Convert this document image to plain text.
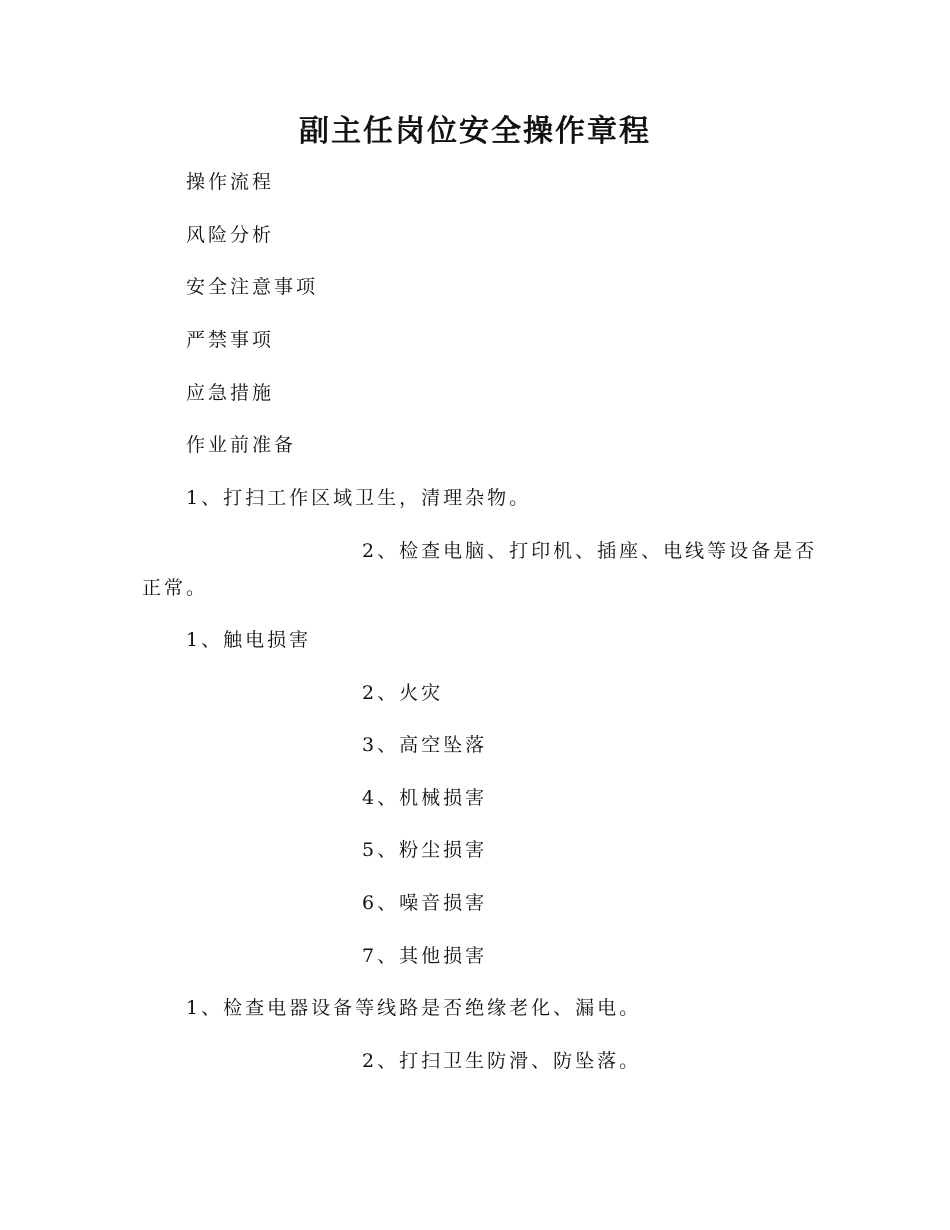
副主任岗位安全操作章程

操作流程

风险分析

安全注意事项

严禁事项

应急措施

作业前准备

1、打扫工作区域卫生，清理杂物。

2、检查电脑、打印机、插座、电线等设备是否

正常。

1、触电损害

2、火灾

3、高空坠落

4、机械损害

5、粉尘损害

6、噪音损害

7、其他损害

1、检查电器设备等线路是否绝缘老化、漏电。

2、打扫卫生防滑、防坠落。
